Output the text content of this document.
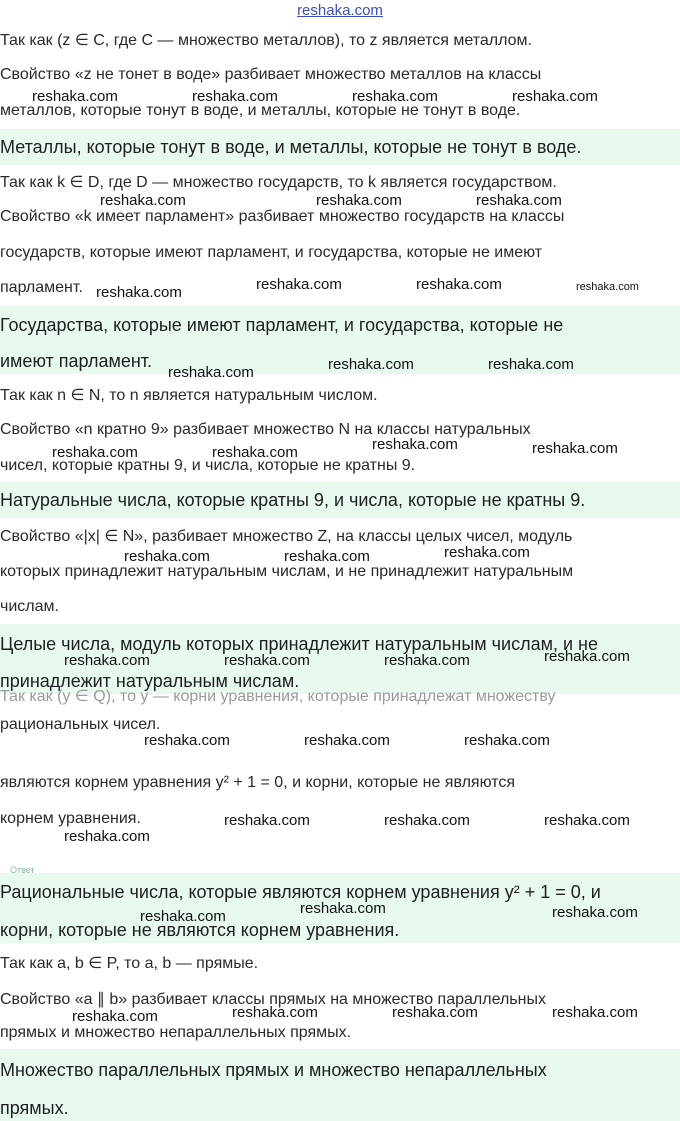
reshaka.com
Так как (z ∈ C, где C — множество металлов), то z является металлом.
Свойство «z не тонет в воде» разбивает множество металлов на классы
металлов, которые тонут в воде, и металлы, которые не тонут в воде.
Металлы, которые тонут в воде, и металлы, которые не тонут в воде.
Так как k ∈ D, где D — множество государств, то k является государством.
Свойство «k имеет парламент» разбивает множество государств на классы
государств, которые имеют парламент, и государства, которые не имеют
парламент.
Государства, которые имеют парламент, и государства, которые не
имеют парламент.
Так как n ∈ N, то n является натуральным числом.
Свойство «n кратно 9» разбивает множество N на классы натуральных
чисел, которые кратны 9, и числа, которые не кратны 9.
Натуральные числа, которые кратны 9, и числа, которые не кратны 9.
Свойство «|x| ∈ N», разбивает множество Z, на классы целых чисел, модуль
которых принадлежит натуральным числам, и не принадлежит натуральным
числам.
Целые числа, модуль которых принадлежит натуральным числам, и не
принадлежит натуральным числам.
Так как (y ∈ Q), то y — корни уравнения, которые принадлежат множеству
рациональных чисел.
являются корнем уравнения y² + 1 = 0, и корни, которые не являются
корнем уравнения.
Ответ
Рациональные числа, которые являются корнем уравнения y² + 1 = 0, и
корни, которые не являются корнем уравнения.
Так как a, b ∈ P, то a, b — прямые.
Свойство «a ∥ b» разбивает классы прямых на множество параллельных
прямых и множество непараллельных прямых.
Множество параллельных прямых и множество непараллельных
прямых.
reshaka.com	reshaka.com	reshaka.com	reshaka.com
reshaka.com	reshaka.com	reshaka.com
reshaka.com	reshaka.com	reshaka.com	reshaka.com
reshaka.com	reshaka.com	reshaka.com
reshaka.com
reshaka.com	reshaka.com	reshaka.com
reshaka.com
reshaka.com	reshaka.com
reshaka.com
reshaka.com	reshaka.com	reshaka.com
reshaka.com	reshaka.com	reshaka.com
reshaka.com	reshaka.com	reshaka.com
reshaka.com
reshaka.com	reshaka.com
reshaka.com
reshaka.com	reshaka.com	reshaka.com
reshaka.com
